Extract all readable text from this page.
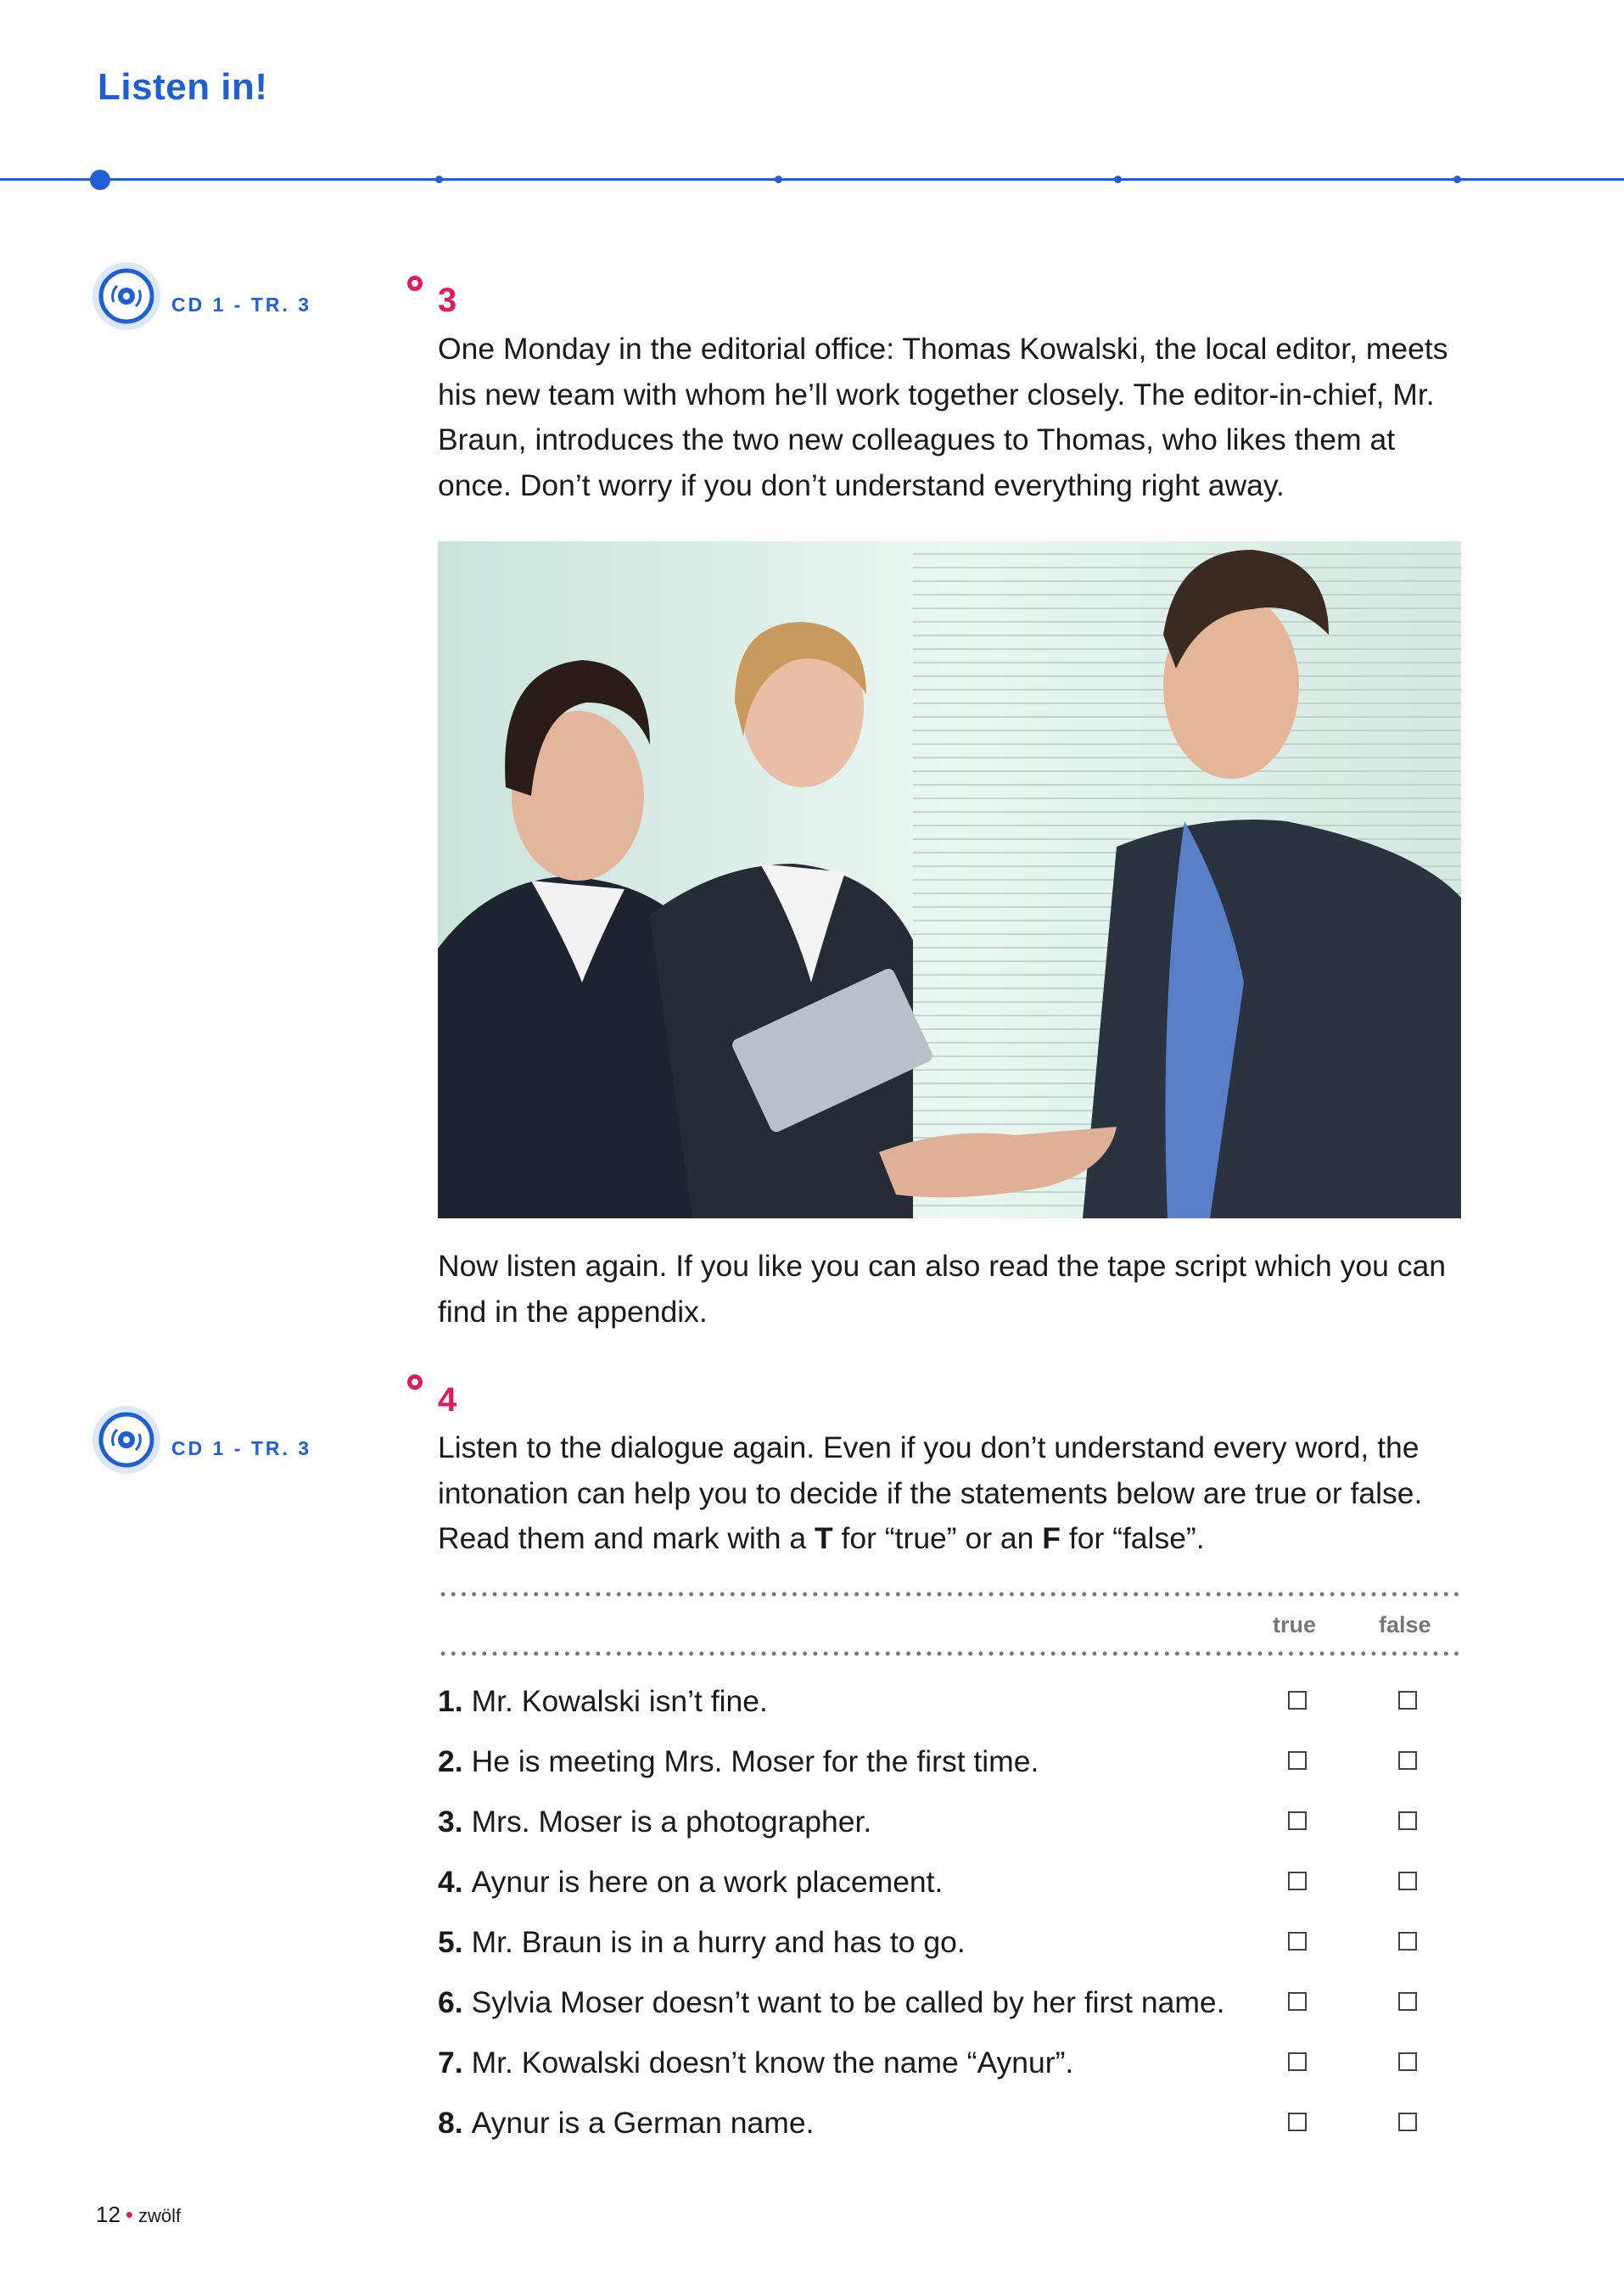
Listen in!
CD 1 - TR. 3	3
One Monday in the editorial office: Thomas Kowalski, the local editor, meets his new team with whom he’ll work together closely. The editor-in-chief, Mr. Braun, introduces the two new colleagues to Thomas, who likes them at once. Don’t worry if you don’t understand everything right away.
Now listen again. If you like you can also read the tape script which you can find in the appendix.
CD 1 - TR. 3
4
Listen to the dialogue again. Even if you don’t understand every word, the intonation can help you to decide if the statements below are true or false. Read them and mark with a T for “true” or an F for “false”.
true	false
1. Mr. Kowalski isn’t fine.
2. He is meeting Mrs. Moser for the first time.
3. Mrs. Moser is a photographer.
4. Aynur is here on a work placement.
5. Mr. Braun is in a hurry and has to go.
6. Sylvia Moser doesn’t want to be called by her first name.
7. Mr. Kowalski doesn’t know the name “Aynur”.
8. Aynur is a German name.
12 • zwölf
